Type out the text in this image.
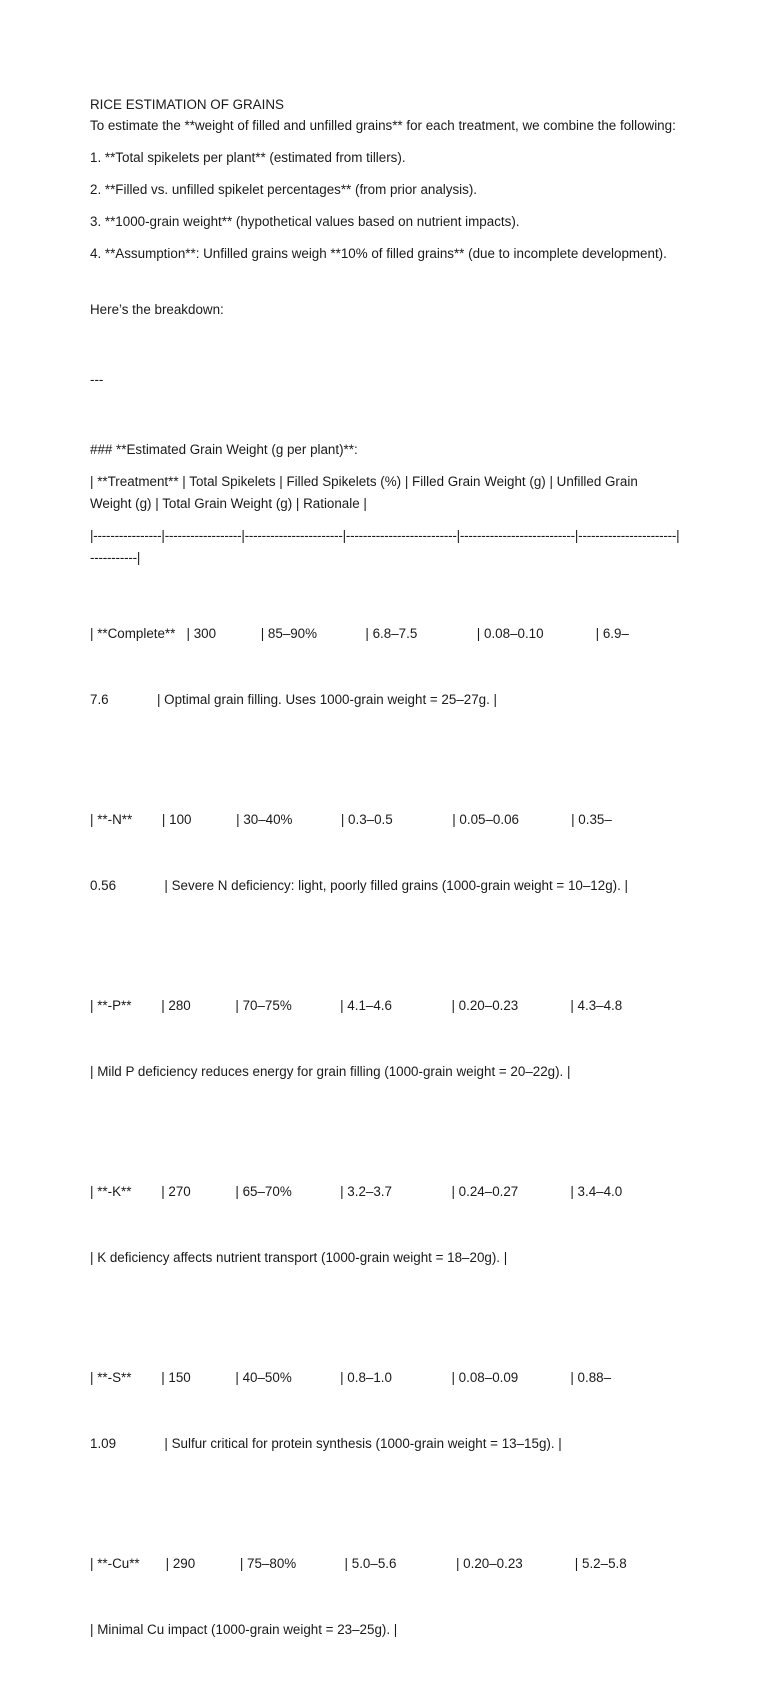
RICE ESTIMATION OF GRAINS

To estimate the **weight of filled and unfilled grains** for each treatment, we combine the following:

1. **Total spikelets per plant** (estimated from tillers).

2. **Filled vs. unfilled spikelet percentages** (from prior analysis).

3. **1000-grain weight** (hypothetical values based on nutrient impacts).

4. **Assumption**: Unfilled grains weigh **10% of filled grains** (due to incomplete development).

Here’s the breakdown:

---

### **Estimated Grain Weight (g per plant)**:

| **Treatment** | Total Spikelets | Filled Spikelets (%) | Filled Grain Weight (g) | Unfilled Grain Weight (g) | Total Grain Weight (g) | Rationale |

|----------------|------------------|-----------------------|--------------------------|---------------------------|-----------------------|-----------|

| **Complete**   | 300            | 85–90%             | 6.8–7.5                | 0.08–0.10              | 6.9–

7.6             | Optimal grain filling. Uses 1000-grain weight = 25–27g. |

| **-N**        | 100            | 30–40%             | 0.3–0.5                | 0.05–0.06              | 0.35–

0.56             | Severe N deficiency: light, poorly filled grains (1000-grain weight = 10–12g). |

| **-P**        | 280            | 70–75%             | 4.1–4.6                | 0.20–0.23              | 4.3–4.8

| Mild P deficiency reduces energy for grain filling (1000-grain weight = 20–22g). |

| **-K**        | 270            | 65–70%             | 3.2–3.7                | 0.24–0.27              | 3.4–4.0

| K deficiency affects nutrient transport (1000-grain weight = 18–20g). |

| **-S**        | 150            | 40–50%             | 0.8–1.0                | 0.08–0.09              | 0.88–

1.09             | Sulfur critical for protein synthesis (1000-grain weight = 13–15g). |

| **-Cu**       | 290            | 75–80%             | 5.0–5.6                | 0.20–0.23              | 5.2–5.8

| Minimal Cu impact (1000-grain weight = 23–25g). |
